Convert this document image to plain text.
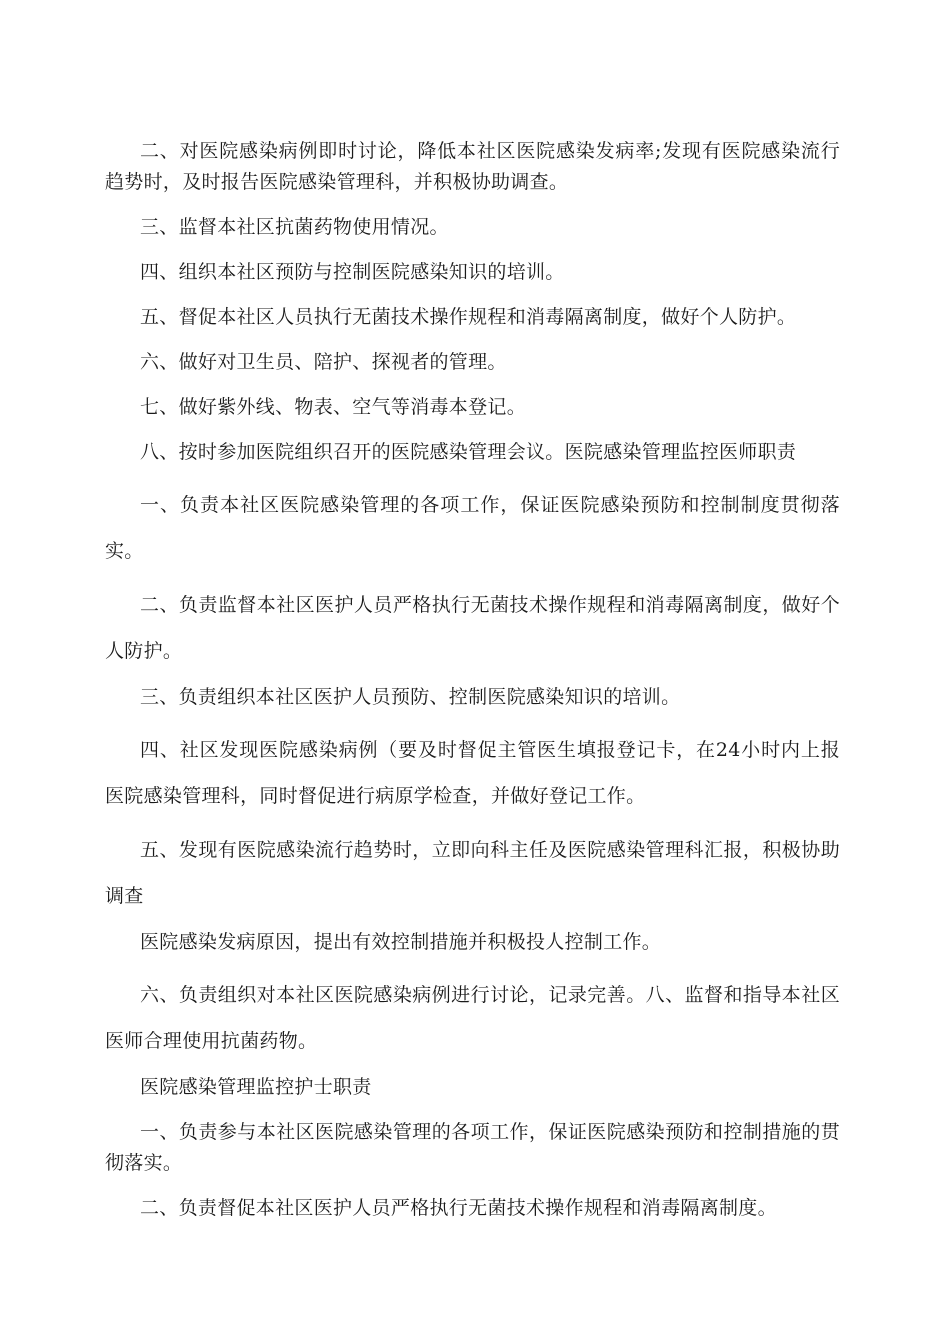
二、对医院感染病例即时讨论，降低本社区医院感染发病率;发现有医院感染流行趋势时，及时报告医院感染管理科，并积极协助调查。

三、监督本社区抗菌药物使用情况。

四、组织本社区预防与控制医院感染知识的培训。

五、督促本社区人员执行无菌技术操作规程和消毒隔离制度，做好个人防护。

六、做好对卫生员、陪护、探视者的管理。

七、做好紫外线、物表、空气等消毒本登记。

八、按时参加医院组织召开的医院感染管理会议。医院感染管理监控医师职责

一、负责本社区医院感染管理的各项工作，保证医院感染预防和控制制度贯彻落实。

二、负责监督本社区医护人员严格执行无菌技术操作规程和消毒隔离制度，做好个人防护。

三、负责组织本社区医护人员预防、控制医院感染知识的培训。

四、社区发现医院感染病例（要及时督促主管医生填报登记卡，在24小时内上报医院感染管理科，同时督促进行病原学检查，并做好登记工作。

五、发现有医院感染流行趋势时，立即向科主任及医院感染管理科汇报，积极协助调查

医院感染发病原因，提出有效控制措施并积极投人控制工作。

六、负责组织对本社区医院感染病例进行讨论，记录完善。八、监督和指导本社区医师合理使用抗菌药物。

医院感染管理监控护士职责

一、负责参与本社区医院感染管理的各项工作，保证医院感染预防和控制措施的贯彻落实。

二、负责督促本社区医护人员严格执行无菌技术操作规程和消毒隔离制度。
